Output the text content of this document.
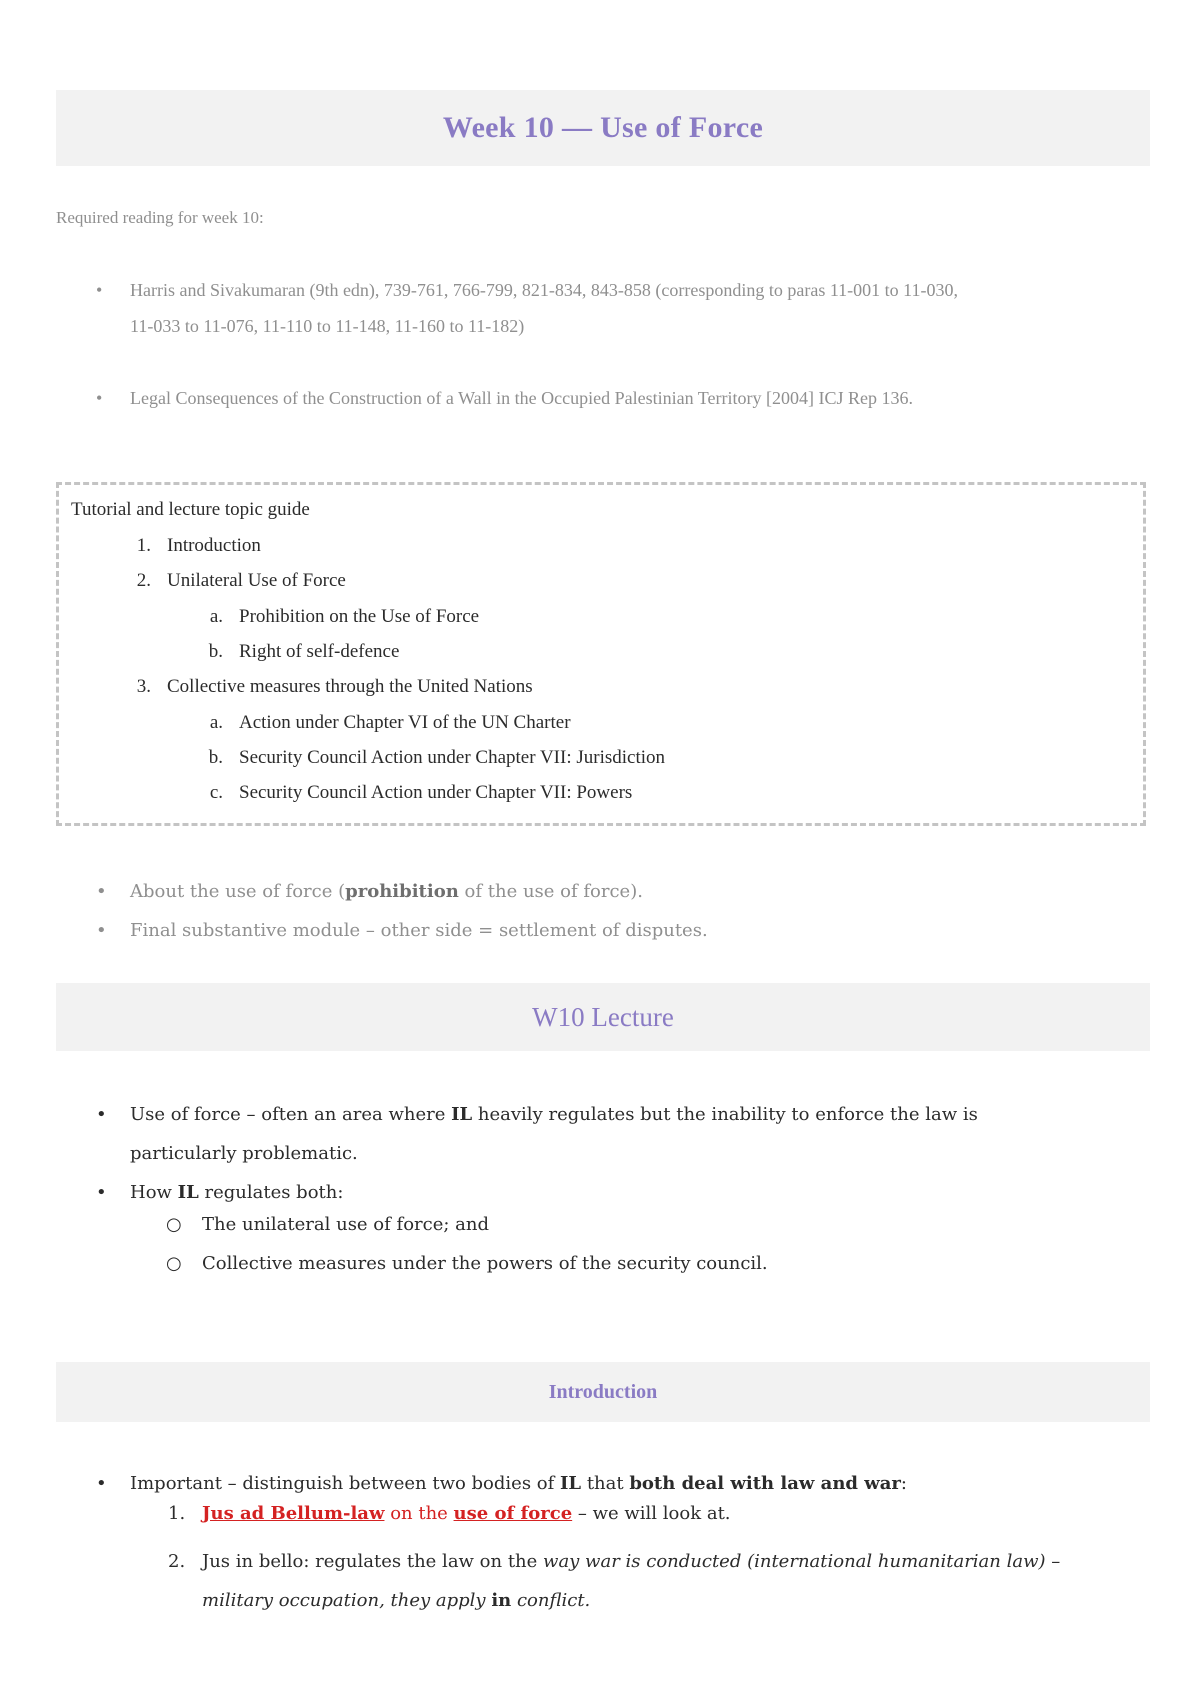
Week 10 — Use of Force
Required reading for week 10:
• Harris and Sivakumaran (9th edn), 739-761, 766-799, 821-834, 843-858 (corresponding to paras 11-001 to 11-030,
11-033 to 11-076, 11-110 to 11-148, 11-160 to 11-182)
• Legal Consequences of the Construction of a Wall in the Occupied Palestinian Territory [2004] ICJ Rep 136.
Tutorial and lecture topic guide
1. Introduction
2. Unilateral Use of Force
a. Prohibition on the Use of Force
b. Right of self-defence
3. Collective measures through the United Nations
a. Action under Chapter VI of the UN Charter
b. Security Council Action under Chapter VII: Jurisdiction
c. Security Council Action under Chapter VII: Powers
• About the use of force (prohibition of the use of force).
• Final substantive module – other side = settlement of disputes.
W10 Lecture
• Use of force – often an area where IL heavily regulates but the inability to enforce the law is
particularly problematic.
• How IL regulates both:
○ The unilateral use of force; and
○ Collective measures under the powers of the security council.
Introduction
• Important – distinguish between two bodies of IL that both deal with law and war:
1. Jus ad Bellum-law on the use of force – we will look at.
2. Jus in bello: regulates the law on the way war is conducted (international humanitarian law) –
military occupation, they apply in conflict.
